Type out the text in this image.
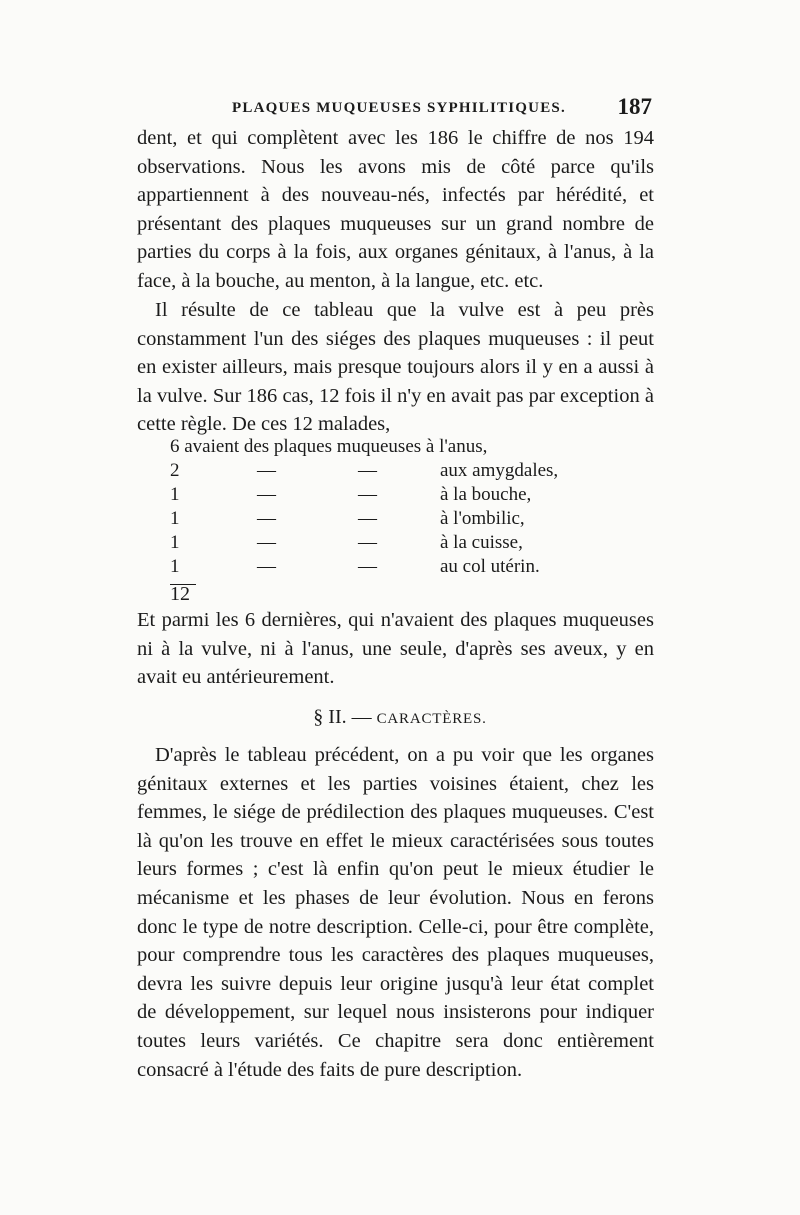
PLAQUES MUQUEUSES SYPHILITIQUES. 187

dent, et qui complètent avec les 186 le chiffre de nos 194 observations. Nous les avons mis de côté parce qu'ils appartiennent à des nouveau-nés, infectés par hérédité, et présentant des plaques muqueuses sur un grand nombre de parties du corps à la fois, aux organes génitaux, à l'anus, à la face, à la bouche, au menton, à la langue, etc. etc.

Il résulte de ce tableau que la vulve est à peu près constamment l'un des siéges des plaques muqueuses : il peut en exister ailleurs, mais presque toujours alors il y en a aussi à la vulve. Sur 186 cas, 12 fois il n'y en avait pas par exception à cette règle. De ces 12 malades,

6 avaient des plaques muqueuses à l'anus,
2	—	—	aux amygdales,
1	—	—	à la bouche,
1	—	—	à l'ombilic,
1	—	—	à la cuisse,
1	—	—	au col utérin.
12

Et parmi les 6 dernières, qui n'avaient des plaques muqueuses ni à la vulve, ni à l'anus, une seule, d'après ses aveux, y en avait eu antérieurement.

§ II. — CARACTÈRES.

D'après le tableau précédent, on a pu voir que les organes génitaux externes et les parties voisines étaient, chez les femmes, le siége de prédilection des plaques muqueuses. C'est là qu'on les trouve en effet le mieux caractérisées sous toutes leurs formes ; c'est là enfin qu'on peut le mieux étudier le mécanisme et les phases de leur évolution. Nous en ferons donc le type de notre description. Celle-ci, pour être complète, pour comprendre tous les caractères des plaques muqueuses, devra les suivre depuis leur origine jusqu'à leur état complet de développement, sur lequel nous insisterons pour indiquer toutes leurs variétés. Ce chapitre sera donc entièrement consacré à l'étude des faits de pure description.
